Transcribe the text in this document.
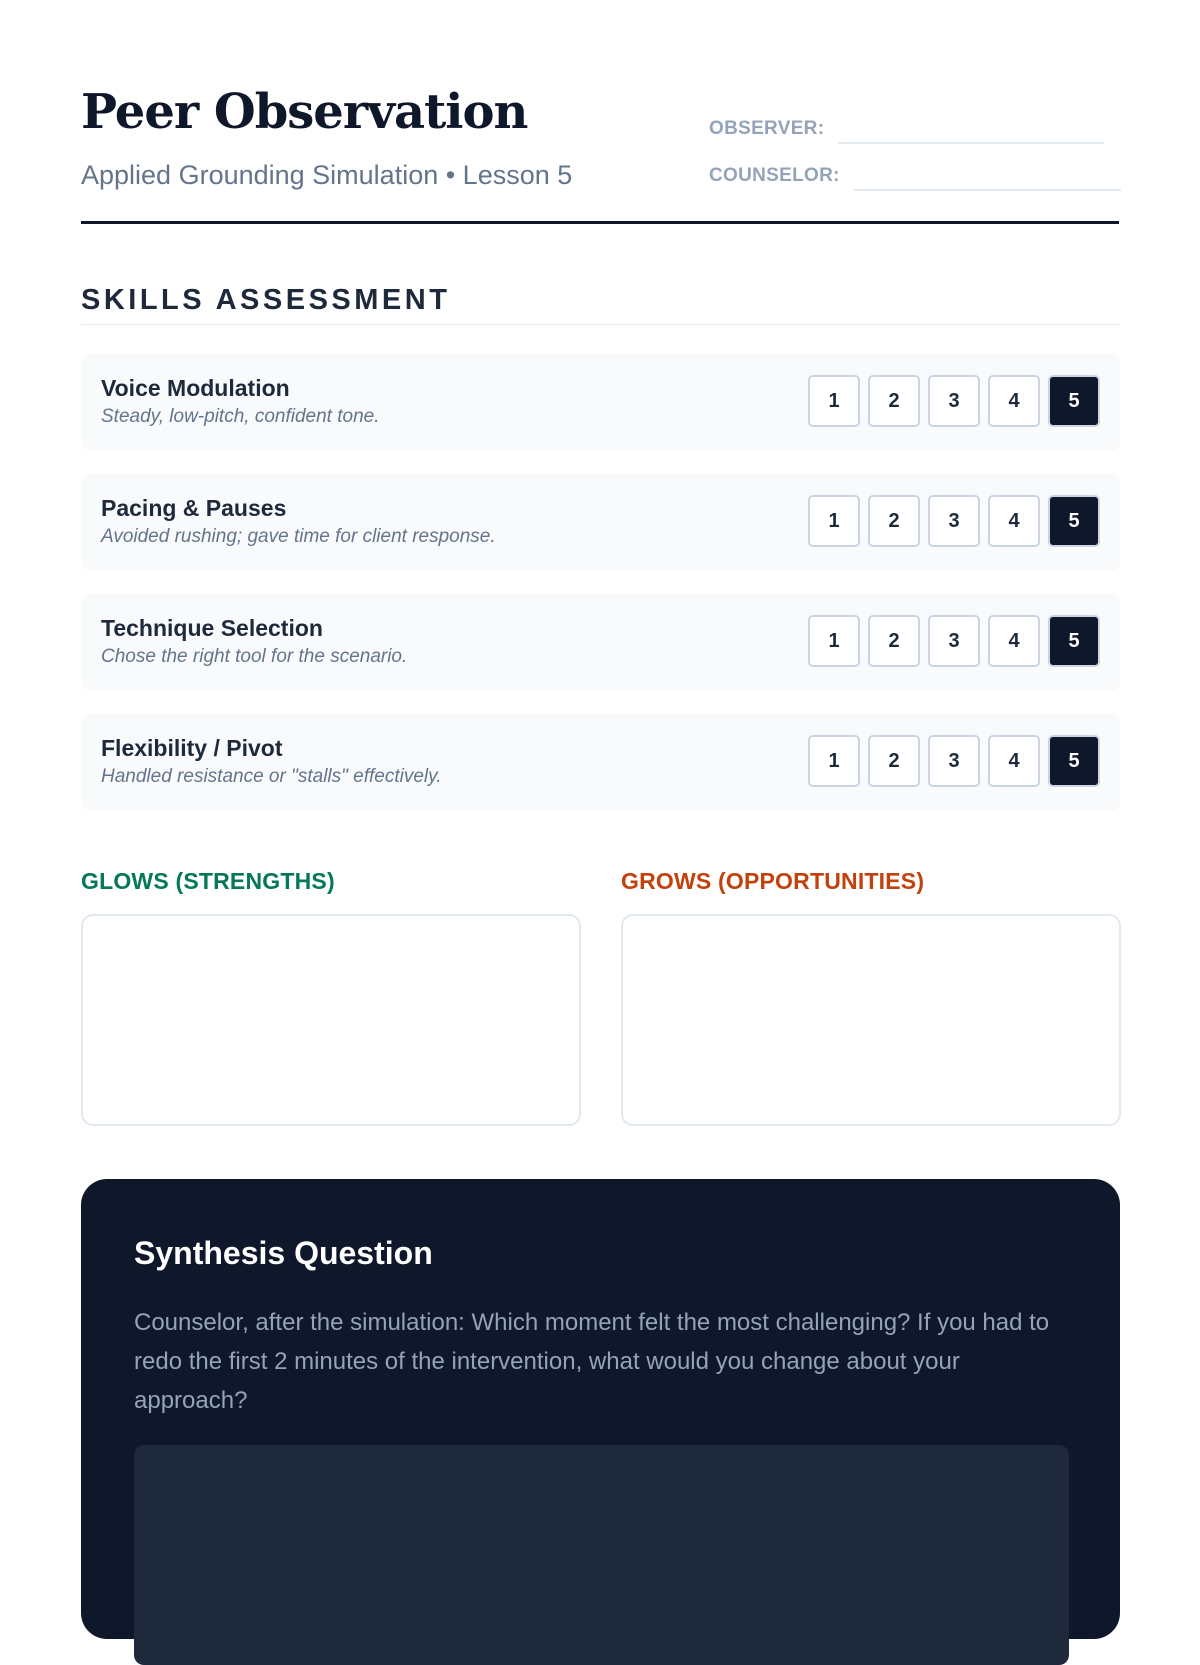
Peer Observation
Applied Grounding Simulation • Lesson 5
OBSERVER:
COUNSELOR:
SKILLS ASSESSMENT
Voice Modulation
Steady, low-pitch, confident tone.
1	2	3	4	5
Pacing & Pauses
Avoided rushing; gave time for client response.
1	2	3	4	5
Technique Selection
Chose the right tool for the scenario.
1	2	3	4	5
Flexibility / Pivot
Handled resistance or "stalls" effectively.
1	2	3	4	5
GLOWS (STRENGTHS)	GROWS (OPPORTUNITIES)
Synthesis Question

Counselor, after the simulation: Which moment felt the most challenging? If you had to redo the first 2 minutes of the intervention, what would you change about your approach?
